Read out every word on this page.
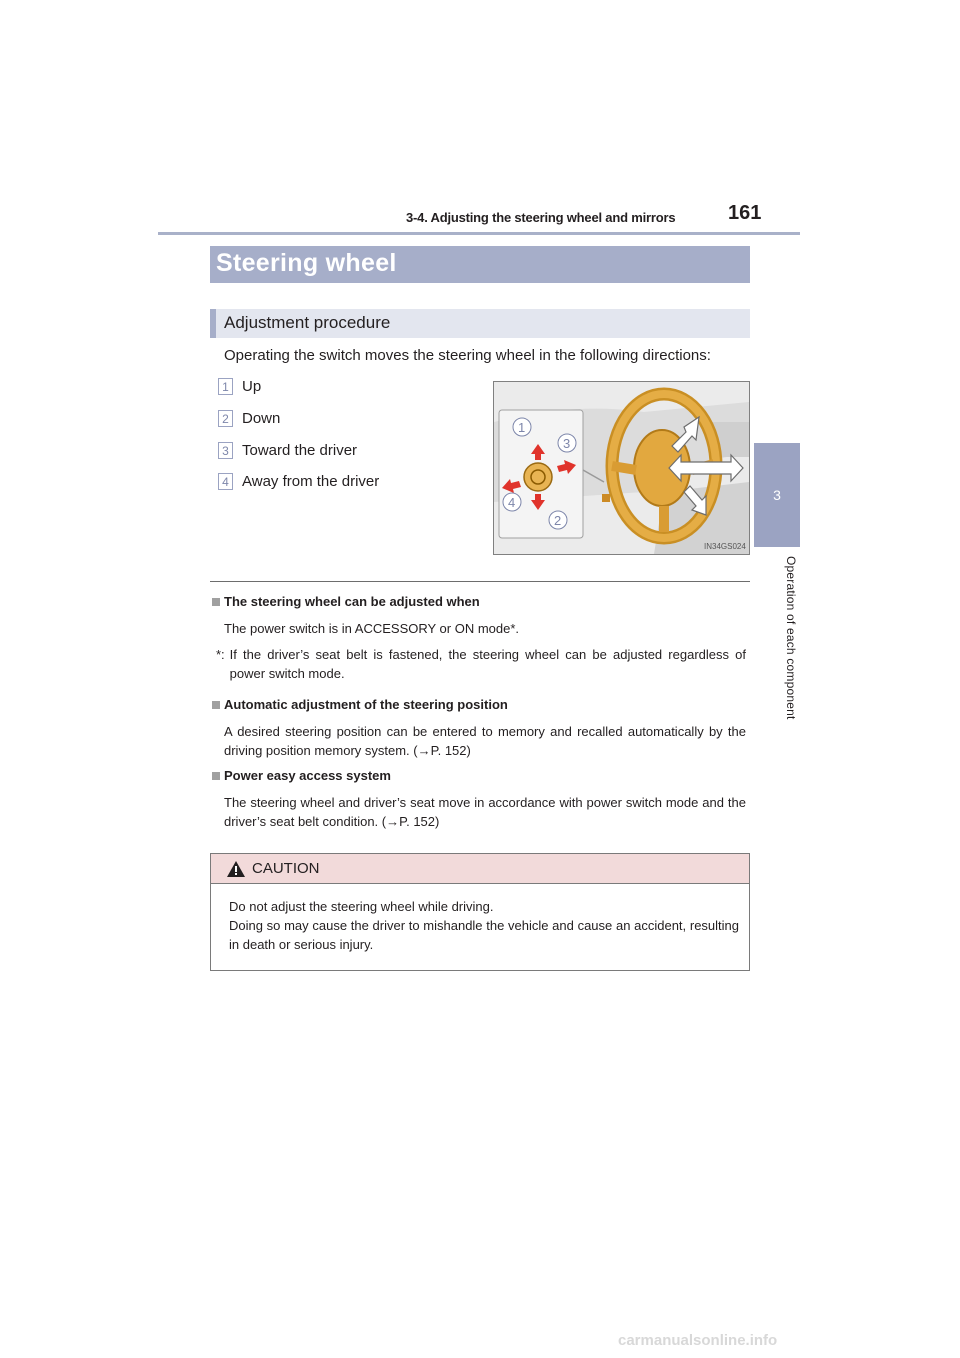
3-4. Adjusting the steering wheel and mirrors	161
3
Operation of each component
Steering wheel
Adjustment procedure
Operating the switch moves the steering wheel in the following directions:
1 Up
2 Down
3 Toward the driver
4 Away from the driver
1
2
3
4
IN34GS024
The steering wheel can be adjusted when
The power switch is in ACCESSORY or ON mode*.
*: If the driver’s seat belt is fastened, the steering wheel can be adjusted regardless of power switch mode.
Automatic adjustment of the steering position
A desired steering position can be entered to memory and recalled automatically by the driving position memory system. (→P. 152)
Power easy access system
The steering wheel and driver’s seat move in accordance with power switch mode and the driver’s seat belt condition. (→P. 152)
CAUTION
Do not adjust the steering wheel while driving.
Doing so may cause the driver to mishandle the vehicle and cause an accident, resulting in death or serious injury.
carmanualsonline.info
